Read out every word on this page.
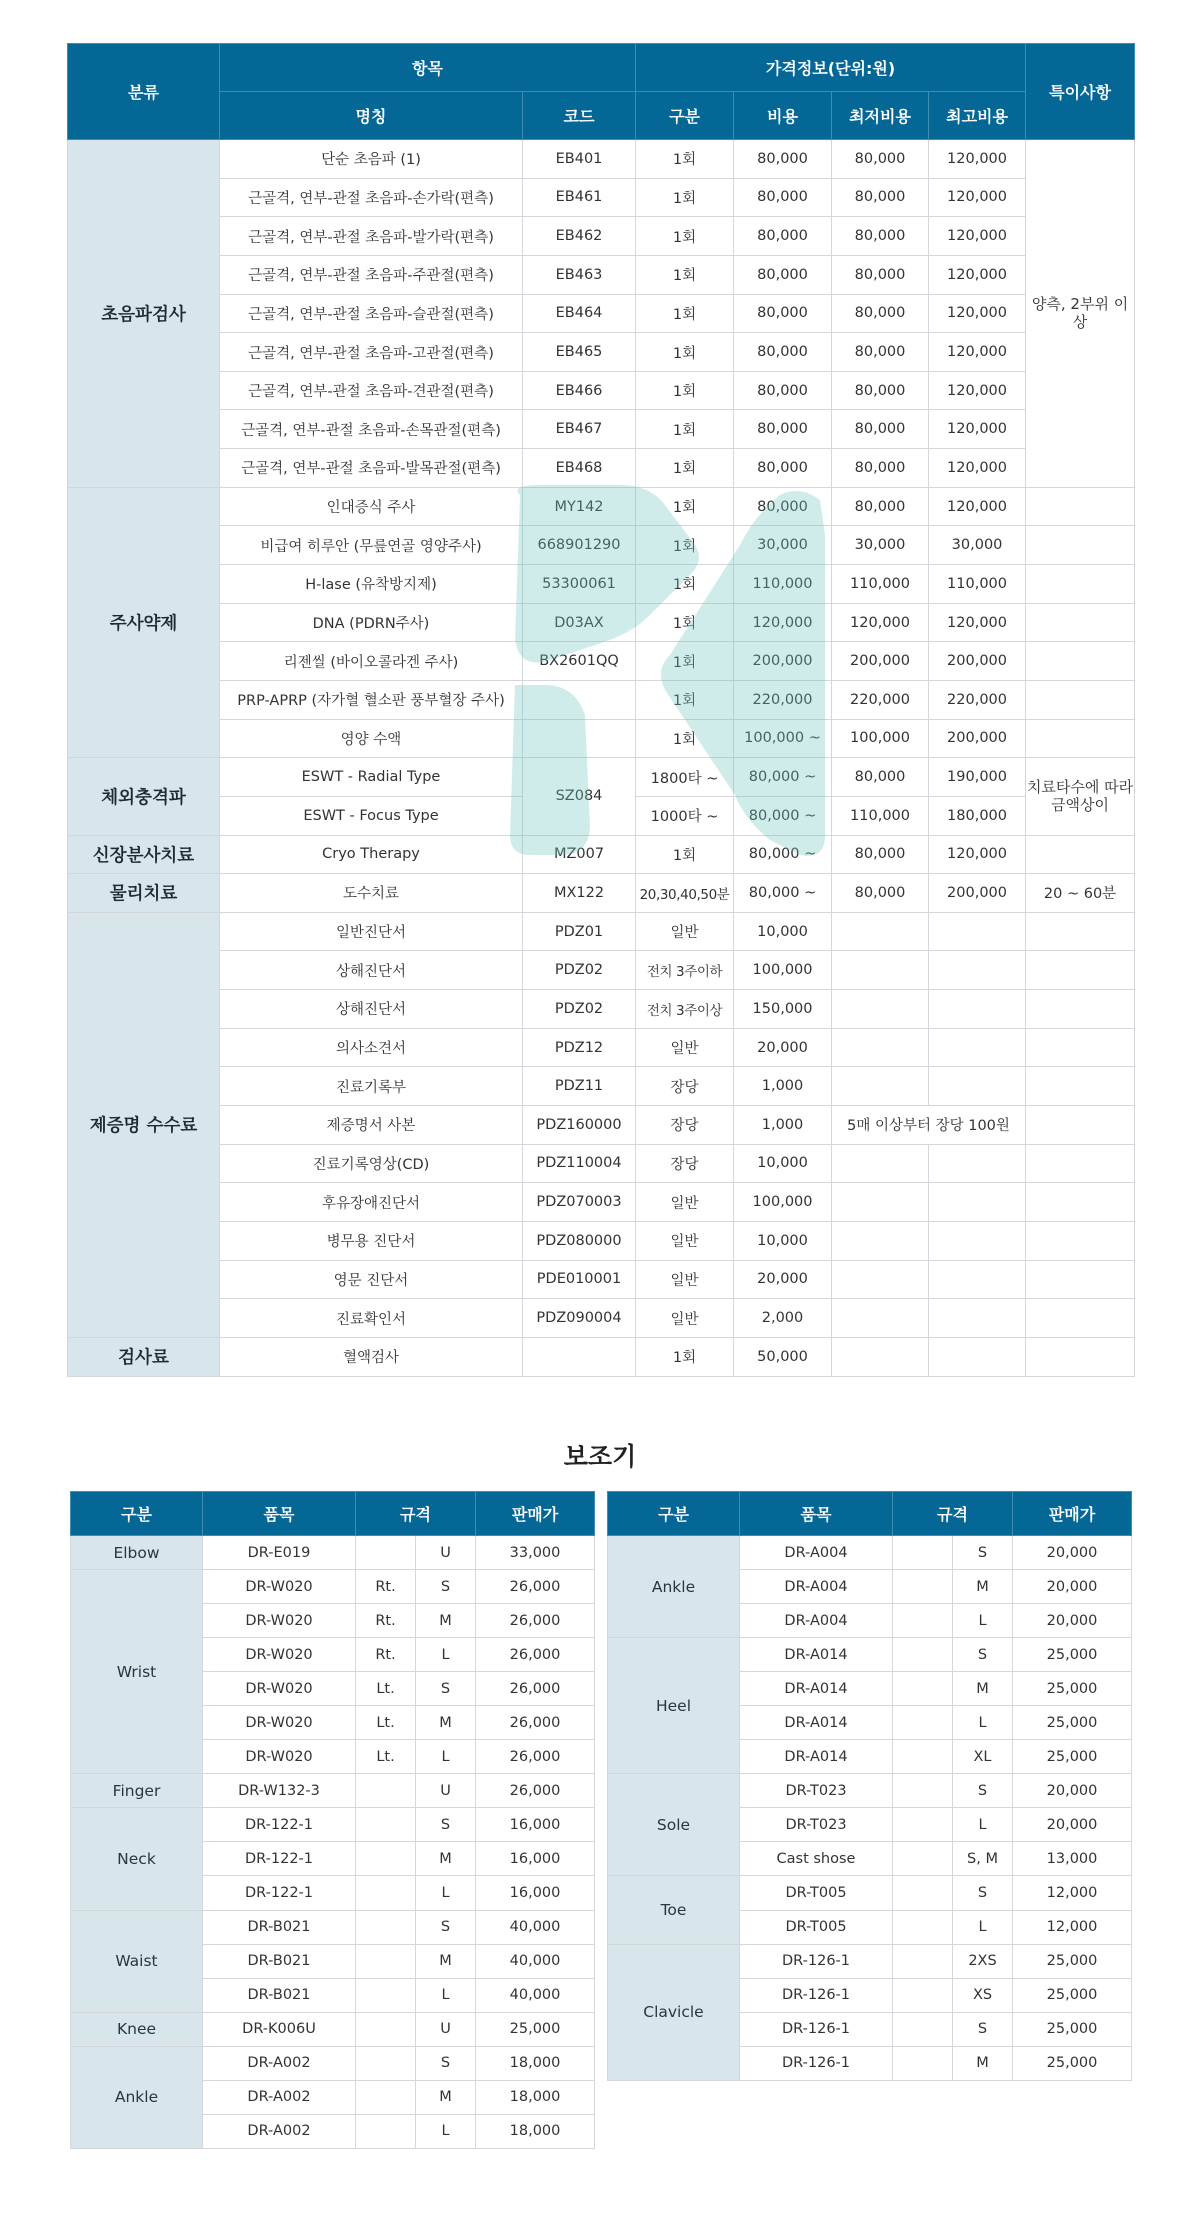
분류	항목		가격정보(단위:원)				특이사항
	명칭	코드	구분	비용	최저비용	최고비용	
초음파검사	단순 초음파 (1)	EB401	1회	80,000	80,000	120,000	양측, 2부위 이상
	근골격, 연부-관절 초음파-손가락(편측)	EB461	1회	80,000	80,000	120,000	
	근골격, 연부-관절 초음파-발가락(편측)	EB462	1회	80,000	80,000	120,000	
	근골격, 연부-관절 초음파-주관절(편측)	EB463	1회	80,000	80,000	120,000	
	근골격, 연부-관절 초음파-슬관절(편측)	EB464	1회	80,000	80,000	120,000	
	근골격, 연부-관절 초음파-고관절(편측)	EB465	1회	80,000	80,000	120,000	
	근골격, 연부-관절 초음파-견관절(편측)	EB466	1회	80,000	80,000	120,000	
	근골격, 연부-관절 초음파-손목관절(편측)	EB467	1회	80,000	80,000	120,000	
	근골격, 연부-관절 초음파-발목관절(편측)	EB468	1회	80,000	80,000	120,000	
주사약제	인대증식 주사	MY142	1회	80,000	80,000	120,000	
	비급여 히루안 (무릎연골 영양주사)	668901290	1회	30,000	30,000	30,000	
	H-lase (유착방지제)	53300061	1회	110,000	110,000	110,000	
	DNA (PDRN주사)	D03AX	1회	120,000	120,000	120,000	
	리젠씰 (바이오콜라겐 주사)	BX2601QQ	1회	200,000	200,000	200,000	
	PRP-APRP (자가혈 혈소판 풍부혈장 주사)		1회	220,000	220,000	220,000	
	영양 수액		1회	100,000 ~	100,000	200,000	
체외충격파	ESWT - Radial Type	SZ084	1800타 ~	80,000 ~	80,000	190,000	치료타수에 따라 금액상이
	ESWT - Focus Type		1000타 ~	80,000 ~	110,000	180,000	
신장분사치료	Cryo Therapy	MZ007	1회	80,000 ~	80,000	120,000	
물리치료	도수치료	MX122	20,30,40,50분	80,000 ~	80,000	200,000	20 ~ 60분
제증명 수수료	일반진단서	PDZ01	일반	10,000			
	상해진단서	PDZ02	전치 3주이하	100,000			
	상해진단서	PDZ02	전치 3주이상	150,000			
	의사소견서	PDZ12	일반	20,000			
	진료기록부	PDZ11	장당	1,000			
	제증명서 사본	PDZ160000	장당	1,000	5매 이상부터 장당 100원		
	진료기록영상(CD)	PDZ110004	장당	10,000			
	후유장애진단서	PDZ070003	일반	100,000			
	병무용 진단서	PDZ080000	일반	10,000			
	영문 진단서	PDE010001	일반	20,000			
	진료확인서	PDZ090004	일반	2,000			
검사료	혈액검사		1회	50,000			
보조기
구분	품목	규격		판매가
Elbow	DR-E019		U	33,000
Wrist	DR-W020	Rt.	S	26,000
	DR-W020	Rt.	M	26,000
	DR-W020	Rt.	L	26,000
	DR-W020	Lt.	S	26,000
	DR-W020	Lt.	M	26,000
	DR-W020	Lt.	L	26,000
Finger	DR-W132-3		U	26,000
Neck	DR-122-1		S	16,000
	DR-122-1		M	16,000
	DR-122-1		L	16,000
Waist	DR-B021		S	40,000
	DR-B021		M	40,000
	DR-B021		L	40,000
Knee	DR-K006U		U	25,000
Ankle	DR-A002		S	18,000
	DR-A002		M	18,000
	DR-A002		L	18,000
구분	품목	규격		판매가
Ankle	DR-A004		S	20,000
	DR-A004		M	20,000
	DR-A004		L	20,000
Heel	DR-A014		S	25,000
	DR-A014		M	25,000
	DR-A014		L	25,000
	DR-A014		XL	25,000
Sole	DR-T023		S	20,000
	DR-T023		L	20,000
	Cast shose		S, M	13,000
Toe	DR-T005		S	12,000
	DR-T005		L	12,000
Clavicle	DR-126-1		2XS	25,000
	DR-126-1		XS	25,000
	DR-126-1		S	25,000
	DR-126-1		M	25,000
